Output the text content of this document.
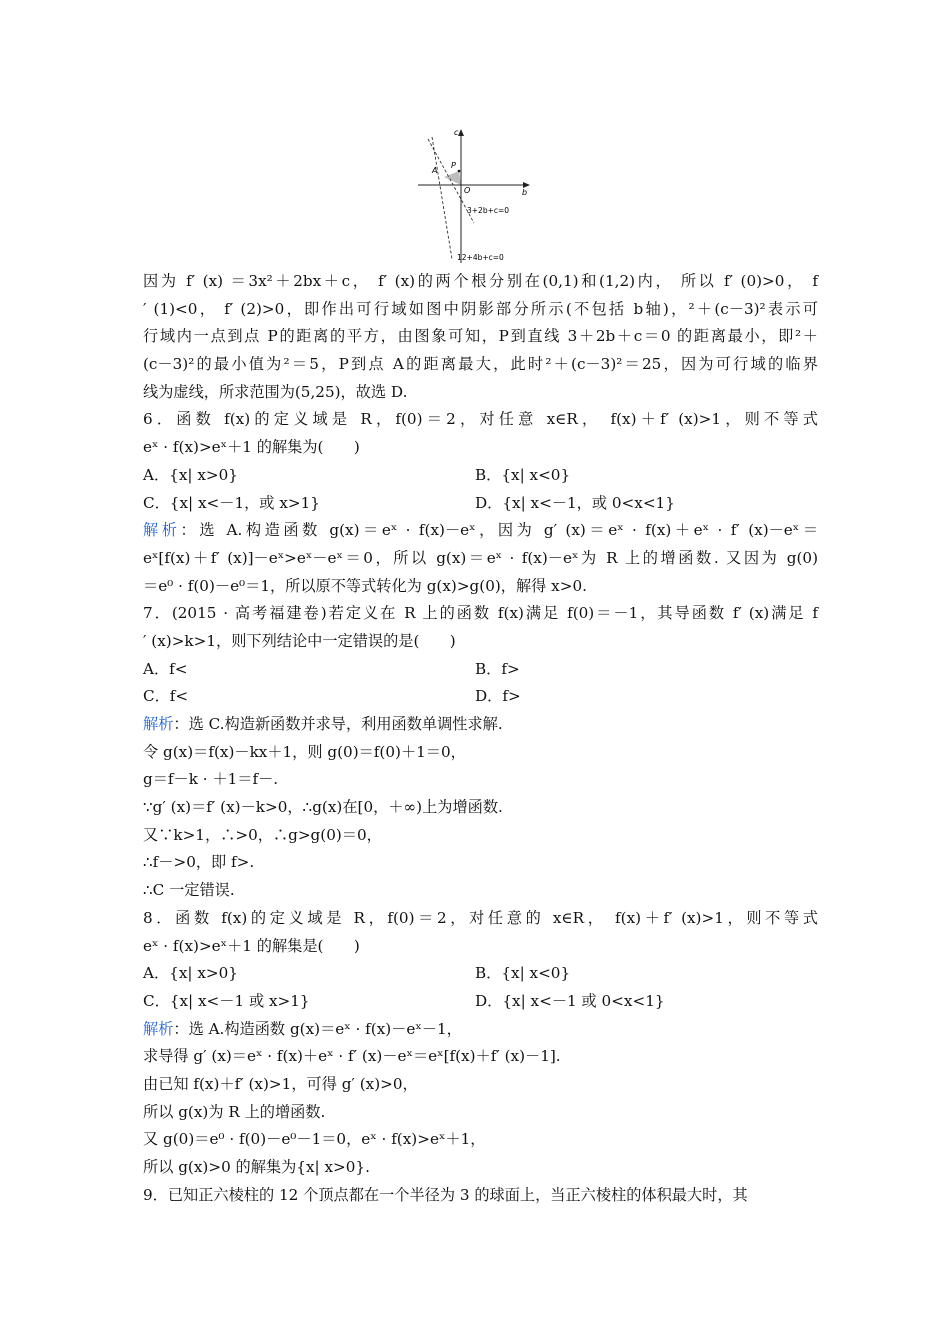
c
b
O
A
P
3+2b+c=0
12+4b+c=0
因为 f′ (x) ＝3x²＋2bx＋c， f′ (x)的两个根分别在(0,1)和(1,2)内， 所以 f′ (0)>0， f
′ (1)<0， f′ (2)>0，即作出可行域如图中阴影部分所示(不包括 b轴)，²＋(c－3)²表示可
行域内一点到点 P的距离的平方，由图象可知，P到直线 3＋2b＋c＝0 的距离最小，即²＋
(c－3)²的最小值为²＝5，P到点 A的距离最大，此时²＋(c－3)²＝25，因为可行域的临界
线为虚线，所求范围为(5,25)，故选 D.
6．函数 f(x)的定义域是 R，f(0)＝2，对任意 x∈R， f(x)＋f′ (x)>1，则不等式
eˣ · f(x)>eˣ＋1 的解集为(　　)
A．{x| x>0}	B．{x| x<0}
C．{x| x<－1，或 x>1}	D．{x| x<－1，或 0<x<1}
解析：选 A.构造函数 g(x)＝eˣ · f(x)－eˣ，因为 g′ (x)＝eˣ · f(x)＋eˣ · f′ (x)－eˣ＝
eˣ[f(x)＋f′ (x)]－eˣ>eˣ－eˣ＝0，所以 g(x)＝eˣ · f(x)－eˣ为 R 上的增函数. 又因为 g(0)
＝e⁰ · f(0)－e⁰＝1，所以原不等式转化为 g(x)>g(0)，解得 x>0.
7．(2015 · 高考福建卷)若定义在 R 上的函数 f(x)满足 f(0)＝－1，其导函数 f′ (x)满足 f
′ (x)>k>1，则下列结论中一定错误的是(　　)
A．f<	B．f>
C．f<	D．f>
解析：选 C.构造新函数并求导，利用函数单调性求解.
令 g(x)＝f(x)－kx＋1，则 g(0)＝f(0)＋1＝0，
g＝f－k · ＋1＝f－.
∵g′ (x)＝f′ (x)－k>0，∴g(x)在[0，＋∞)上为增函数.
又∵k>1，∴>0，∴g>g(0)＝0，
∴f－>0，即 f>.
∴C 一定错误.
8．函数 f(x)的定义域是 R，f(0)＝2，对任意的 x∈R， f(x)＋f′ (x)>1，则不等式
eˣ · f(x)>eˣ＋1 的解集是(　　)
A．{x| x>0}	B．{x| x<0}
C．{x| x<－1 或 x>1}	D．{x| x<－1 或 0<x<1}
解析：选 A.构造函数 g(x)＝eˣ · f(x)－eˣ－1，
求导得 g′ (x)＝eˣ · f(x)＋eˣ · f′ (x)－eˣ＝eˣ[f(x)＋f′ (x)－1].
由已知 f(x)＋f′ (x)>1，可得 g′ (x)>0，
所以 g(x)为 R 上的增函数.
又 g(0)＝e⁰ · f(0)－e⁰－1＝0，eˣ · f(x)>eˣ＋1，
所以 g(x)>0 的解集为{x| x>0}.
9．已知正六棱柱的 12 个顶点都在一个半径为 3 的球面上，当正六棱柱的体积最大时，其
